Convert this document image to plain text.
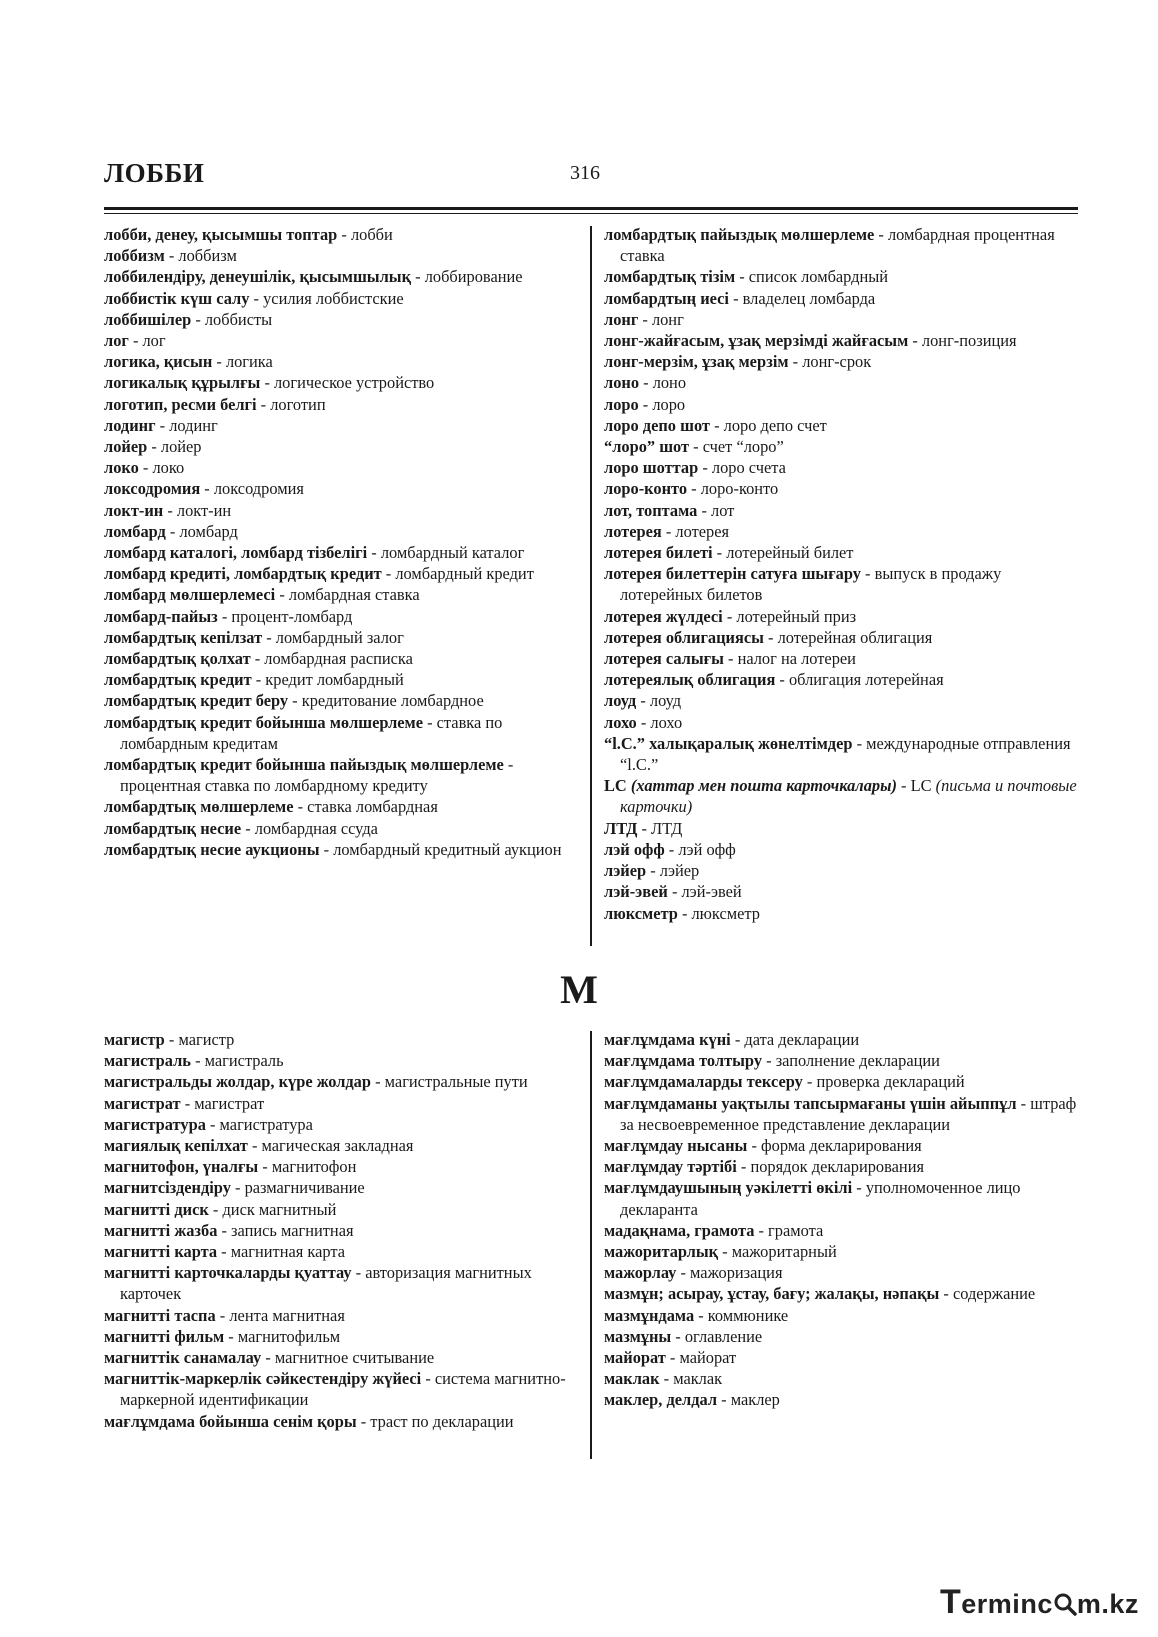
ЛОББИ	316
лобби, денеу, қысымшы топтар - лобби
лоббизм - лоббизм
лоббилендіру, денеушілік, қысымшылық - лоббирование
лоббистік күш салу - усилия лоббистские
лоббишілер - лоббисты
лог - лог
логика, қисын - логика
логикалық құрылғы - логическое устройство
логотип, ресми белгі - логотип
лодинг - лодинг
лойер - лойер
локо - локо
локсодромия - локсодромия
локт-ин - локт-ин
ломбард - ломбард
ломбард каталогі, ломбард тізбелігі - ломбардный каталог
ломбард кредиті, ломбардтық кредит - ломбардный кредит
ломбард мөлшерлемесі - ломбардная ставка
ломбард-пайыз - процент-ломбард
ломбардтық кепілзат - ломбардный залог
ломбардтық қолхат - ломбардная расписка
ломбардтық кредит - кредит ломбардный
ломбардтық кредит беру - кредитование ломбардное
ломбардтық кредит бойынша мөлшерлеме - ставка по ломбардным кредитам
ломбардтық кредит бойынша пайыздық мөлшерлеме - процентная ставка по ломбардному кредиту
ломбардтық мөлшерлеме - ставка ломбардная
ломбардтық несие - ломбардная ссуда
ломбардтық несие аукционы - ломбардный кредитный аукцион
ломбардтық пайыздық мөлшерлеме - ломбардная процентная ставка
ломбардтық тізім - список ломбардный
ломбардтың иесі - владелец ломбарда
лонг - лонг
лонг-жайғасым, ұзақ мерзімді жайғасым - лонг-позиция
лонг-мерзім, ұзақ мерзім - лонг-срок
лоно - лоно
лоро - лоро
лоро депо шот - лоро депо счет
“лоро” шот - счет “лоро”
лоро шоттар - лоро счета
лоро-конто - лоро-конто
лот, топтама - лот
лотерея - лотерея
лотерея билеті - лотерейный билет
лотерея билеттерін сатуға шығару - выпуск в продажу лотерейных билетов
лотерея жүлдесі - лотерейный приз
лотерея облигациясы - лотерейная облигация
лотерея салығы - налог на лотереи
лотереялық облигация - облигация лотерейная
лоуд - лоуд
лохо - лохо
“l.C.” халықаралық жөнелтімдер - международные отправления “l.C.”
LC (хаттар мен пошта карточкалары) - LC (письма и почтовые карточки)
ЛТД - ЛТД
лэй офф - лэй офф
лэйер - лэйер
лэй-эвей - лэй-эвей
люксметр - люксметр
М
магистр - магистр
магистраль - магистраль
магистральды жолдар, күре жолдар - магистральные пути
магистрат - магистрат
магистратура - магистратура
магиялық кепілхат - магическая закладная
магнитофон, үналғы - магнитофон
магнитсіздендіру - размагничивание
магнитті диск - диск магнитный
магнитті жазба - запись магнитная
магнитті карта - магнитная карта
магнитті карточкаларды қуаттау - авторизация магнитных карточек
магнитті таспа - лента магнитная
магнитті фильм - магнитофильм
магниттік санамалау - магнитное считывание
магниттік-маркерлік сәйкестендіру жүйесі - система магнитно-маркерной идентификации
мағлұмдама бойынша сенім қоры - траст по декларации
мағлұмдама күні - дата декларации
мағлұмдама толтыру - заполнение декларации
мағлұмдамаларды тексеру - проверка деклараций
мағлұмдаманы уақтылы тапсырмағаны үшін айыппұл - штраф за несвоевременное представление декларации
мағлұмдау нысаны - форма декларирования
мағлұмдау тәртібі - порядок декларирования
мағлұмдаушының уәкілетті өкілі - уполномоченное лицо декларанта
мадақнама, грамота - грамота
мажоритарлық - мажоритарный
мажорлау - мажоризация
мазмұн; асырау, ұстау, бағу; жалақы, нәпақы - содержание
мазмұндама - коммюнике
мазмұны - оглавление
майорат - майорат
маклак - маклак
маклер, делдал - маклер
Terminc m.kz
